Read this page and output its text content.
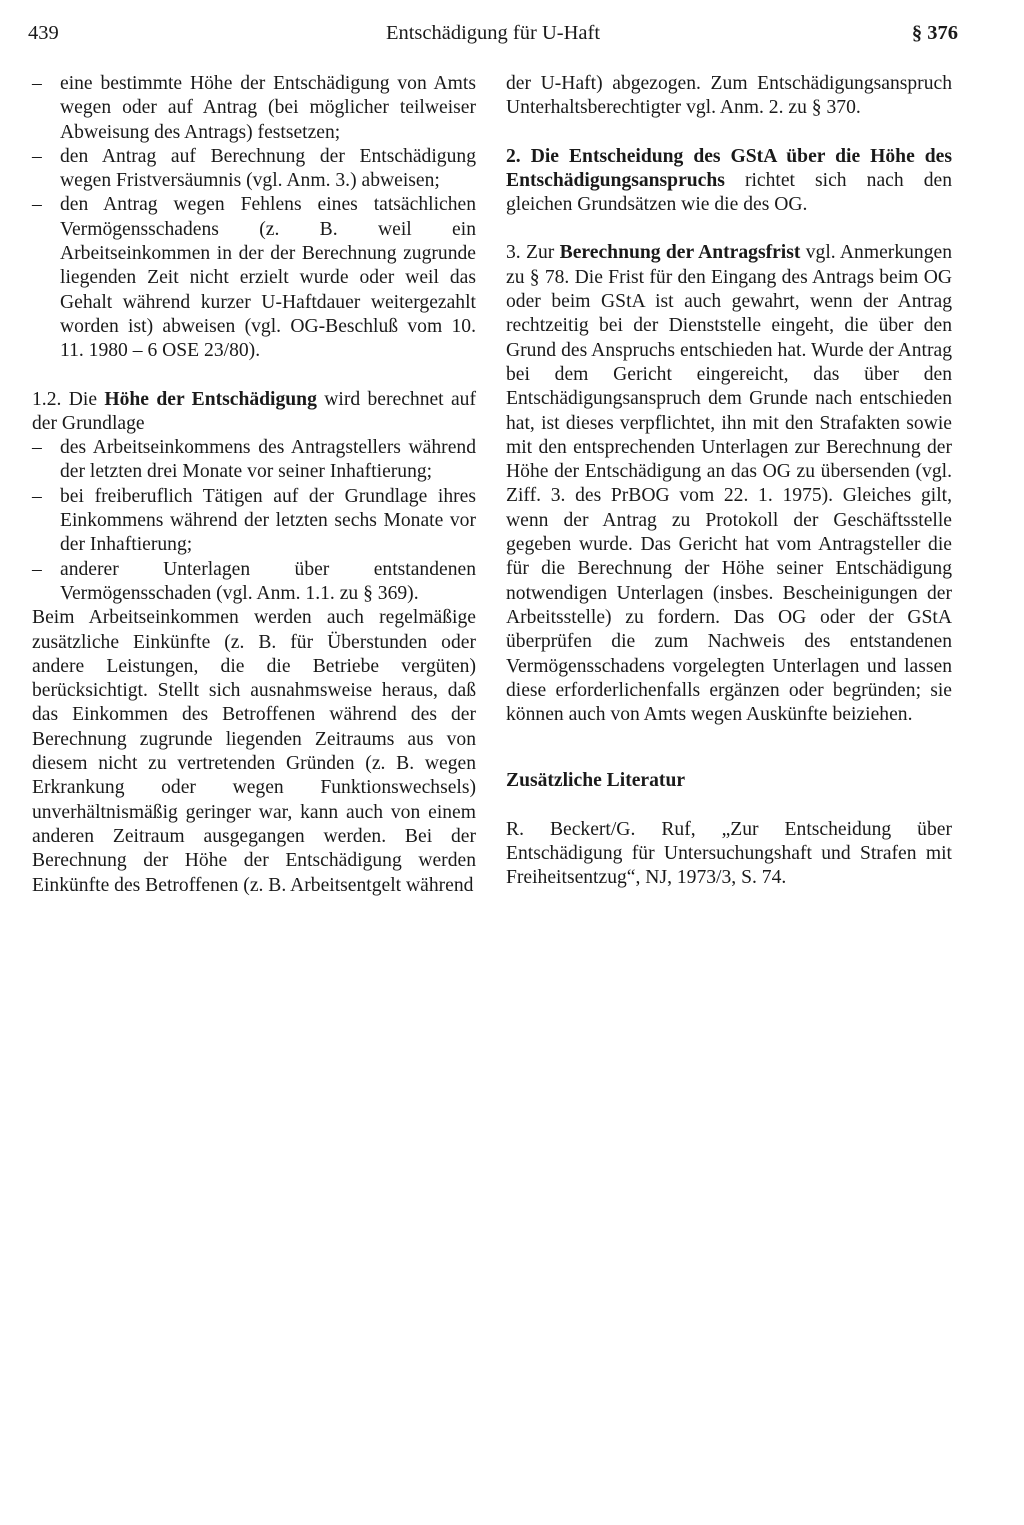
439	Entschädigung für U-Haft	§ 376
– eine bestimmte Höhe der Entschädigung von Amts wegen oder auf Antrag (bei möglicher teilweiser Abweisung des Antrags) festsetzen;
– den Antrag auf Berechnung der Entschädigung wegen Fristversäumnis (vgl. Anm. 3.) abweisen;
– den Antrag wegen Fehlens eines tatsächlichen Vermögensschadens (z. B. weil ein Arbeitseinkommen in der der Berechnung zugrunde liegenden Zeit nicht erzielt wurde oder weil das Gehalt während kurzer U-Haftdauer weitergezahlt worden ist) abweisen (vgl. OG-Beschluß vom 10. 11. 1980 – 6 OSE 23/80).

1.2. Die Höhe der Entschädigung wird berechnet auf der Grundlage

– des Arbeitseinkommens des Antragstellers während der letzten drei Monate vor seiner Inhaftierung;
– bei freiberuflich Tätigen auf der Grundlage ihres Einkommens während der letzten sechs Monate vor der Inhaftierung;
– anderer Unterlagen über entstandenen Vermögensschaden (vgl. Anm. 1.1. zu § 369).

Beim Arbeitseinkommen werden auch regelmäßige zusätzliche Einkünfte (z. B. für Überstunden oder andere Leistungen, die die Betriebe vergüten) berücksichtigt. Stellt sich ausnahmsweise heraus, daß das Einkommen des Betroffenen während des der Berechnung zugrunde liegenden Zeitraums aus von diesem nicht zu vertretenden Gründen (z. B. wegen Erkrankung oder wegen Funktionswechsels) unverhältnismäßig geringer war, kann auch von einem anderen Zeitraum ausgegangen werden. Bei der Berechnung der Höhe der Entschädigung werden Einkünfte des Betroffenen (z. B. Arbeitsentgelt während

der U-Haft) abgezogen. Zum Entschädigungsanspruch Unterhaltsberechtigter vgl. Anm. 2. zu § 370.

2. Die Entscheidung des GStA über die Höhe des Entschädigungsanspruchs richtet sich nach den gleichen Grundsätzen wie die des OG.

3. Zur Berechnung der Antragsfrist vgl. Anmerkungen zu § 78. Die Frist für den Eingang des Antrags beim OG oder beim GStA ist auch gewahrt, wenn der Antrag rechtzeitig bei der Dienststelle eingeht, die über den Grund des Anspruchs entschieden hat. Wurde der Antrag bei dem Gericht eingereicht, das über den Entschädigungsanspruch dem Grunde nach entschieden hat, ist dieses verpflichtet, ihn mit den Strafakten sowie mit den entsprechenden Unterlagen zur Berechnung der Höhe der Entschädigung an das OG zu übersenden (vgl. Ziff. 3. des PrBOG vom 22. 1. 1975). Gleiches gilt, wenn der Antrag zu Protokoll der Geschäftsstelle gegeben wurde. Das Gericht hat vom Antragsteller die für die Berechnung der Höhe seiner Entschädigung notwendigen Unterlagen (insbes. Bescheinigungen der Arbeitsstelle) zu fordern. Das OG oder der GStA überprüfen die zum Nachweis des entstandenen Vermögensschadens vorgelegten Unterlagen und lassen diese erforderlichenfalls ergänzen oder begründen; sie können auch von Amts wegen Auskünfte beiziehen.

Zusätzliche Literatur

R. Beckert/G. Ruf, „Zur Entscheidung über Entschädigung für Untersuchungshaft und Strafen mit Freiheitsentzug“, NJ, 1973/3, S. 74.
